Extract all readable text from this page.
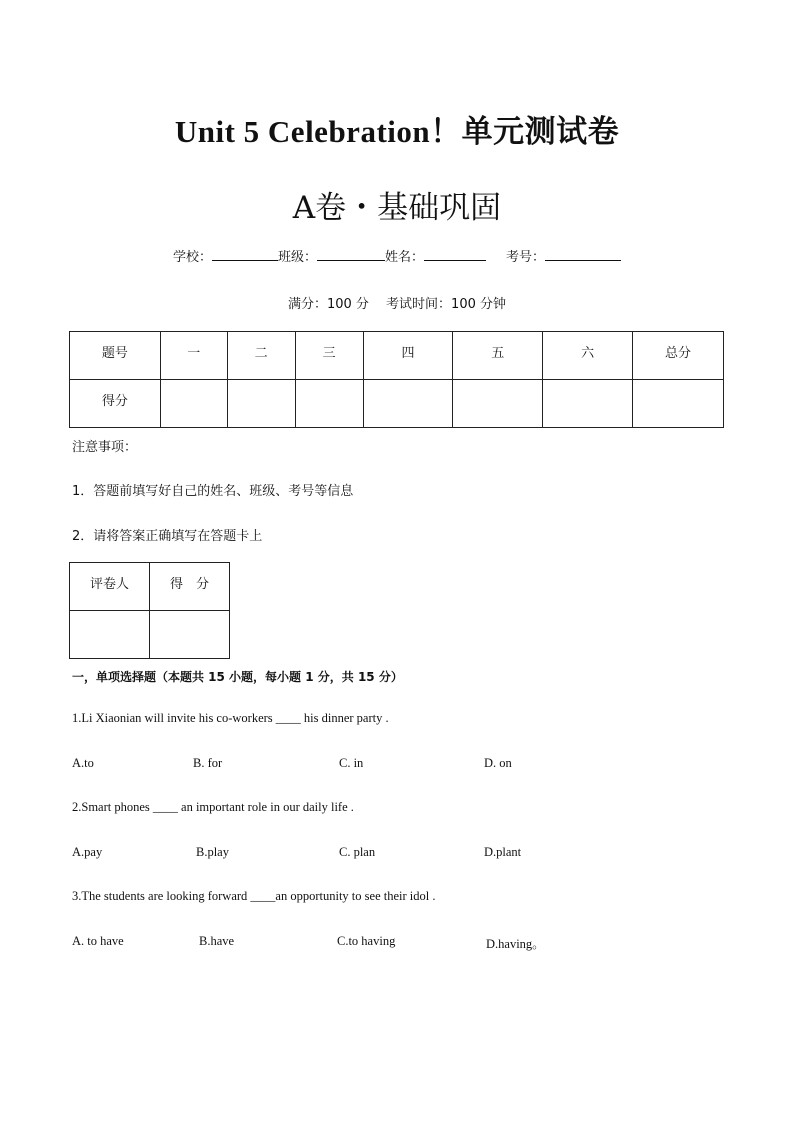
Unit 5 Celebration！单元测试卷
A卷・基础巩固
学校：	班级：	姓名：	考号：
满分：100 分　 考试时间：100 分钟
题号	一	二	三	四	五	六	总分
得分							
注意事项：
1．答题前填写好自己的姓名、班级、考号等信息
2．请将答案正确填写在答题卡上
评卷人	得　分

一，单项选择题（本题共 15 小题，每小题 1 分，共 15 分）
1.Li Xiaonian will invite his co-workers ____ his dinner party .
A.to	B. for	C. in	D. on
2.Smart phones ____ an important role in our daily life .
A.pay	B.play	C. plan	D.plant
3.The students are looking forward ____an opportunity to see their idol .
A. to have	B.have	C.to having	D.having。
